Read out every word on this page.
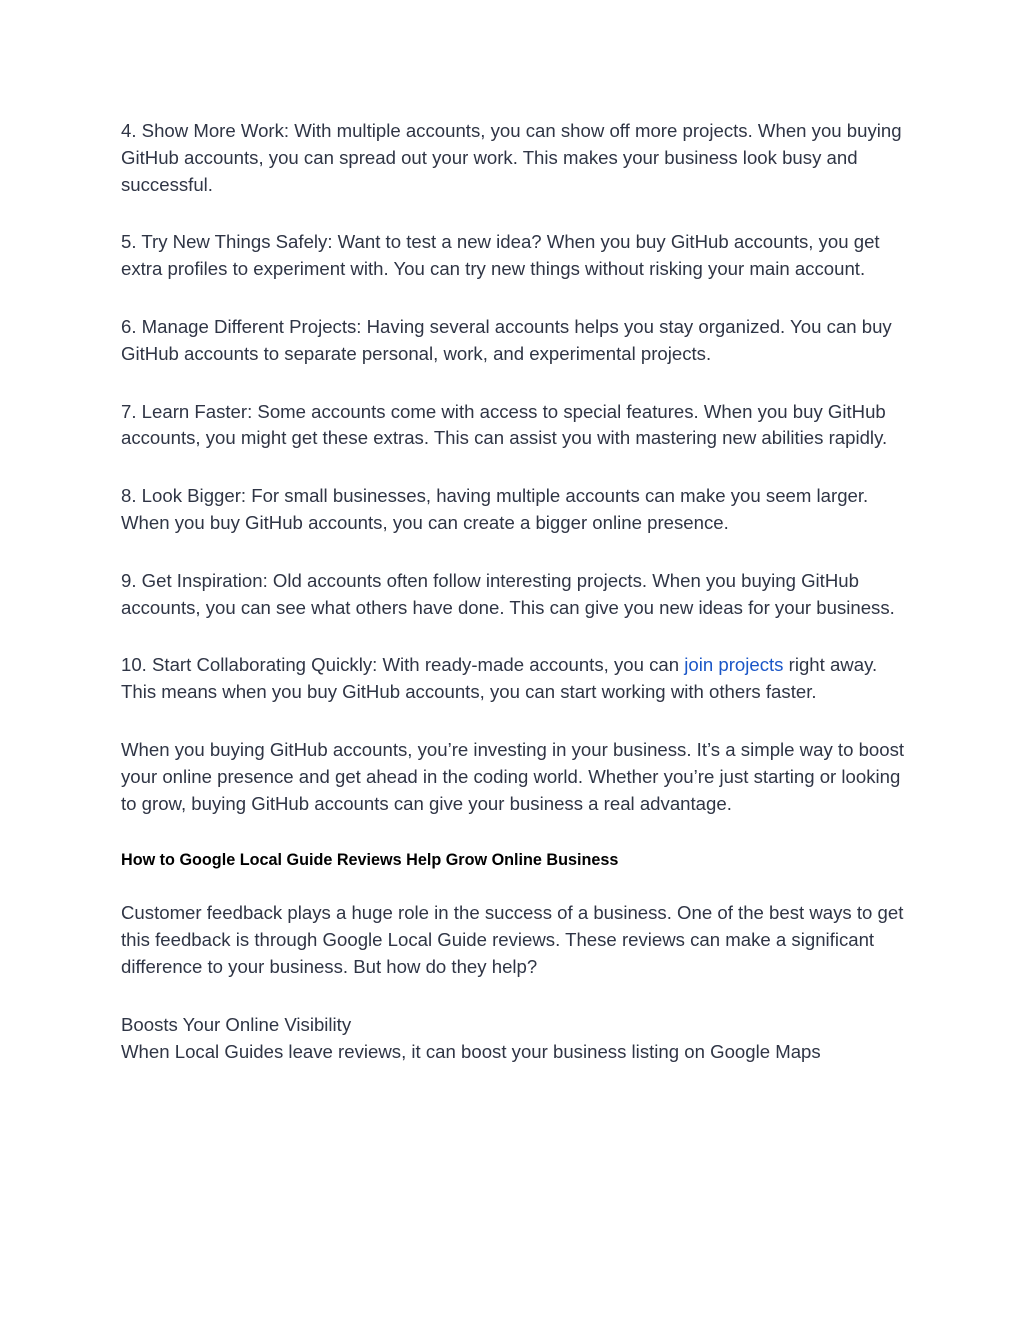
4. Show More Work: With multiple accounts, you can show off more projects. When you buying GitHub accounts, you can spread out your work. This makes your business look busy and successful.

5. Try New Things Safely: Want to test a new idea? When you buy GitHub accounts, you get extra profiles to experiment with. You can try new things without risking your main account.

6. Manage Different Projects: Having several accounts helps you stay organized. You can buy GitHub accounts to separate personal, work, and experimental projects.

7. Learn Faster: Some accounts come with access to special features. When you buy GitHub accounts, you might get these extras. This can assist you with mastering new abilities rapidly.

8. Look Bigger: For small businesses, having multiple accounts can make you seem larger. When you buy GitHub accounts, you can create a bigger online presence.

9. Get Inspiration: Old accounts often follow interesting projects. When you buying GitHub accounts, you can see what others have done. This can give you new ideas for your business.

10. Start Collaborating Quickly: With ready-made accounts, you can join projects right away. This means when you buy GitHub accounts, you can start working with others faster.

When you buying GitHub accounts, you’re investing in your business. It’s a simple way to boost your online presence and get ahead in the coding world. Whether you’re just starting or looking to grow, buying GitHub accounts can give your business a real advantage.

How to Google Local Guide Reviews Help Grow Online Business

Customer feedback plays a huge role in the success of a business. One of the best ways to get this feedback is through Google Local Guide reviews. These reviews can make a significant difference to your business. But how do they help?

Boosts Your Online Visibility

When Local Guides leave reviews, it can boost your business listing on Google Maps
